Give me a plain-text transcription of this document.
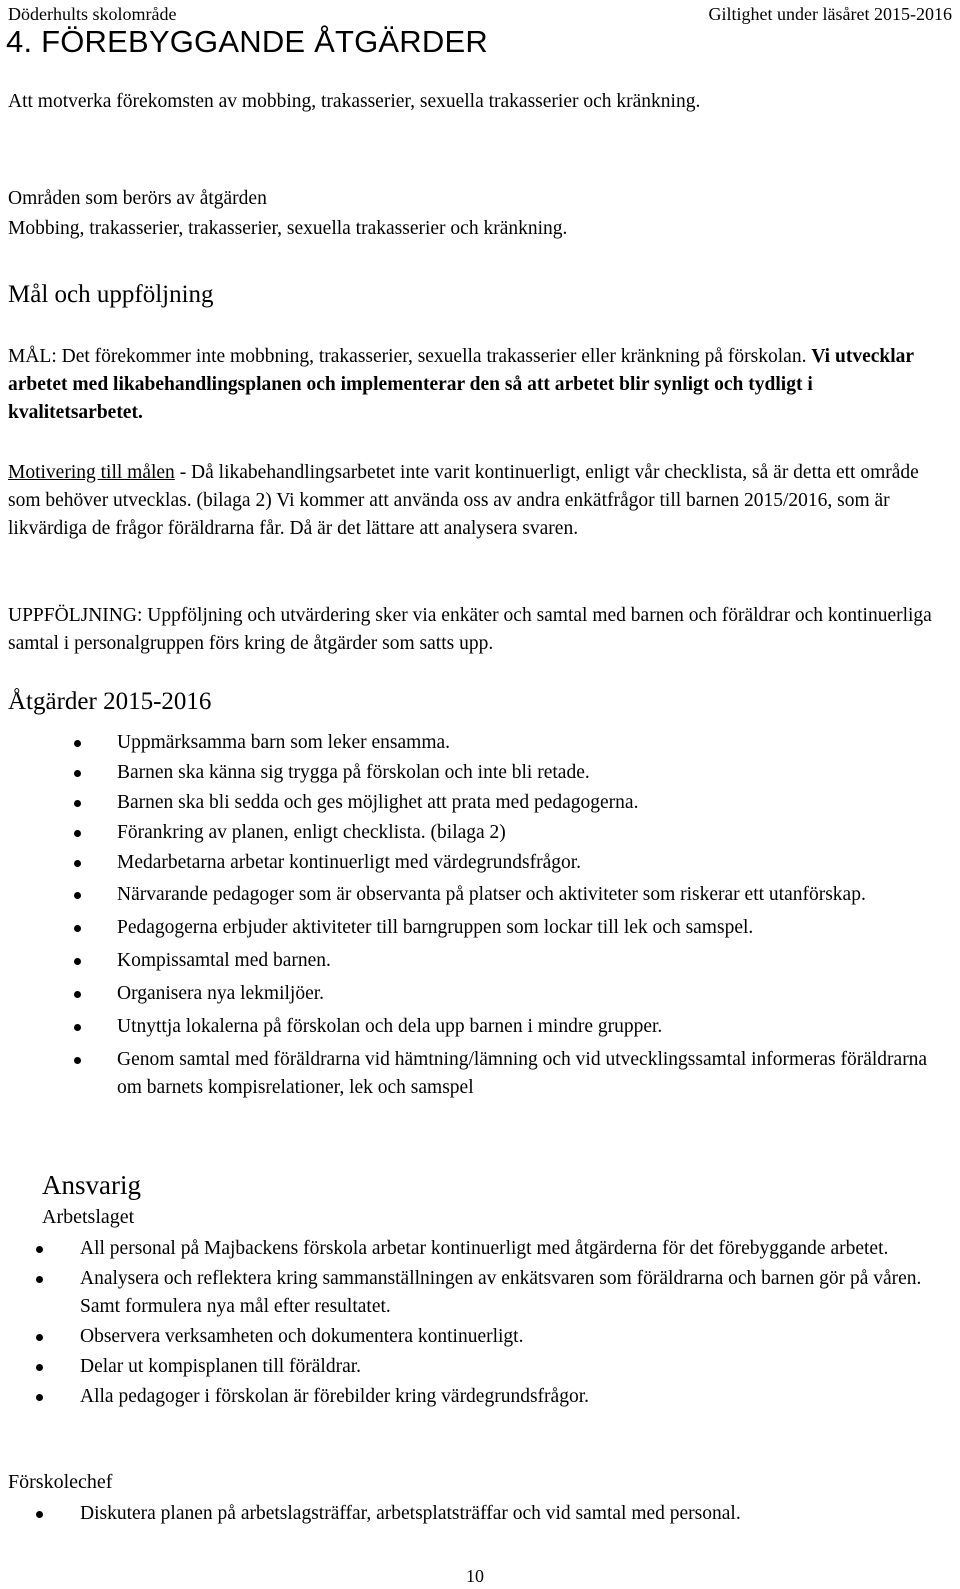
Döderhults skolområde	Giltighet under läsåret 2015-2016
4. FÖREBYGGANDE ÅTGÄRDER
Att motverka förekomsten av mobbing, trakasserier, sexuella trakasserier och kränkning.
Områden som berörs av åtgärden
Mobbing, trakasserier, trakasserier, sexuella trakasserier och kränkning.
Mål och uppföljning
MÅL: Det förekommer inte mobbning, trakasserier, sexuella trakasserier eller kränkning på förskolan. Vi utvecklar arbetet med likabehandlingsplanen och implementerar den så att arbetet blir synligt och tydligt i kvalitetsarbetet.
Motivering till målen - Då likabehandlingsarbetet inte varit kontinuerligt, enligt vår checklista, så är detta ett område som behöver utvecklas. (bilaga 2) Vi kommer att använda oss av andra enkätfrågor till barnen 2015/2016, som är likvärdiga de frågor föräldrarna får. Då är det lättare att analysera svaren.
UPPFÖLJNING: Uppföljning och utvärdering sker via enkäter och samtal med barnen och föräldrar och kontinuerliga samtal i personalgruppen förs kring de åtgärder som satts upp.
Åtgärder 2015-2016
Uppmärksamma barn som leker ensamma.
Barnen ska känna sig trygga på förskolan och inte bli retade.
Barnen ska bli sedda och ges möjlighet att prata med pedagogerna.
Förankring av planen, enligt checklista. (bilaga 2)
Medarbetarna arbetar kontinuerligt med värdegrundsfrågor.
Närvarande pedagoger som är observanta på platser och aktiviteter som riskerar ett utanförskap.
Pedagogerna erbjuder aktiviteter till barngruppen som lockar till lek och samspel.
Kompissamtal med barnen.
Organisera nya lekmiljöer.
Utnyttja lokalerna på förskolan och dela upp barnen i mindre grupper.
Genom samtal med föräldrarna vid hämtning/lämning och vid utvecklingssamtal informeras föräldrarna om barnets kompisrelationer, lek och samspel
Ansvarig
Arbetslaget
All personal på Majbackens förskola arbetar kontinuerligt med åtgärderna för det förebyggande arbetet.
Analysera och reflektera kring sammanställningen av enkätsvaren som föräldrarna och barnen gör på våren. Samt formulera nya mål efter resultatet.
Observera verksamheten och dokumentera kontinuerligt.
Delar ut kompisplanen till föräldrar.
Alla pedagoger i förskolan är förebilder kring värdegrundsfrågor.
Förskolechef
Diskutera planen på arbetslagsträffar, arbetsplatsträffar och vid samtal med personal.
10
